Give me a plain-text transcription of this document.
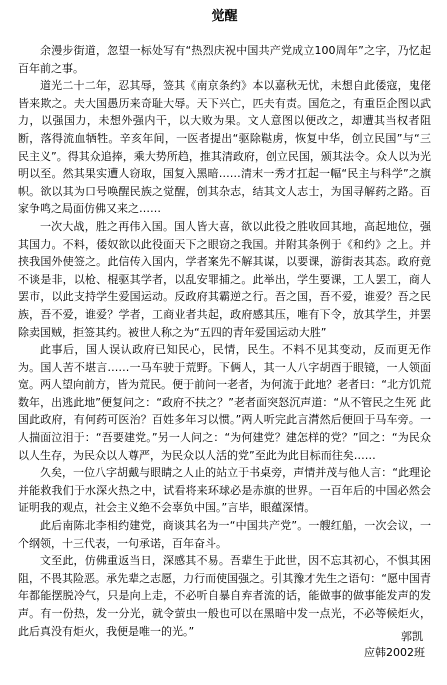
觉醒

余漫步街道，忽望一标处写有“热烈庆祝中国共产党成立100周年”之字，乃忆起百年前之事。

道光二十二年，忍其辱，签其《南京条约》本以嘉秋无忧，未想自此倭寇，鬼佬皆来欺之。夫大国愚历来奇耻大辱。天下兴亡，匹夫有责。国危之，有重臣企图以武力，以强国力，未想外强内干，以大败为果。文人意图以便改之，却遭其当权者阻断，落得流血牺牲。辛亥年间，一医者提出“驱除鞑虏，恢复中华，创立民国”与“三民主义”。得其众追捧，乘大势所趋，推其清政府，创立民国，颁其法令。众人以为光明以至。然其果实遭人窃取，国复入黑暗……清末一秀才扛起一幅“民主与科学”之旗帜。欲以其为口号唤醒民族之觉醒，创其杂志，结其文人志士，为国寻解药之路。百家争鸣之局面仿佛又来之……

一次大战，胜之再伟入国。国人皆大喜，欲以此役之胜收回其地，高起地位，强其国力。不料，倭奴欲以此役面天下之眼窃之我国。并附其条例于《和约》之上。并挟我国外使签之。此信传入国内，学者案先不解其谋，以要课，游街表其态。政府竟不谈是非，以枪、棍驱其学者，以乱安罪捕之。此举出，学生要课，工人罢工，商人罢市，以此支持学生爱国运动。反政府其霸逆之行。吾之国，吾不爱，谁爱？吾之民族，吾不爱，谁爱？学者，工商业者共起，政府感其压，唯有下令，放其学生，并罢除卖国贼，拒签其约。被世人称之为“五四的青年爱国运动大胜”

此事后，国人误认政府已知民心，民情，民生。不料不见其变动，反而更无作为。国人苦不堪言……一马车驶于荒野。下俩人，其一人八字胡酉于眼镜，一人领面宽。两人望向前方，皆为荒民。便于前问一老者，为何流于此地？老者曰：“北方饥荒数年，出逃此地”便复问之：“政府不扶之？”老者面突怒沉声道：“从不管民之生死 此国此政府，有何药可医治？百姓多年习以惯。”两人听完此言潸然后便回于马车旁。一人揣面泣泪于：“吾要建党。”另一人问之：“为何建党？建怎样的党？”回之：“为民众以人生存，为民众以人尊严，为民众以人活的党”至此为此目标而往矣……

久矣，一位八字胡戴与眼睛之人止的站立于书桌旁，声情并茂与他人言：“此理论并能救我们于水深火热之中，试看将来环球必是赤旗的世界。一百年后的中国必然会证明我的观点，社会主义绝不会辜负中国。”言毕，眼蕴深情。

此后南陈北李相约建党，商谈其名为一“中国共产党”。一艘红船，一次会议，一个纲领，十三代表，一句承诺，百年奋斗。

文至此，仿佛重返当日，深感其不易。吾辈生于此世，因不忘其初心，不惧其困阻，不畏其险恶。承先辈之志愿，力行而使国强之。引其豫才先生之语句：“愿中国青年都能摆脱冷气，只是向上走，不必听自暴自弃者流的话，能做事的做事能发声的发声。有一份热，发一分光，就令萤虫一般也可以在黑暗中发一点光，不必等候炬火，此后真没有炬火，我便是唯一的光。”	郭凯
应韩2002班
